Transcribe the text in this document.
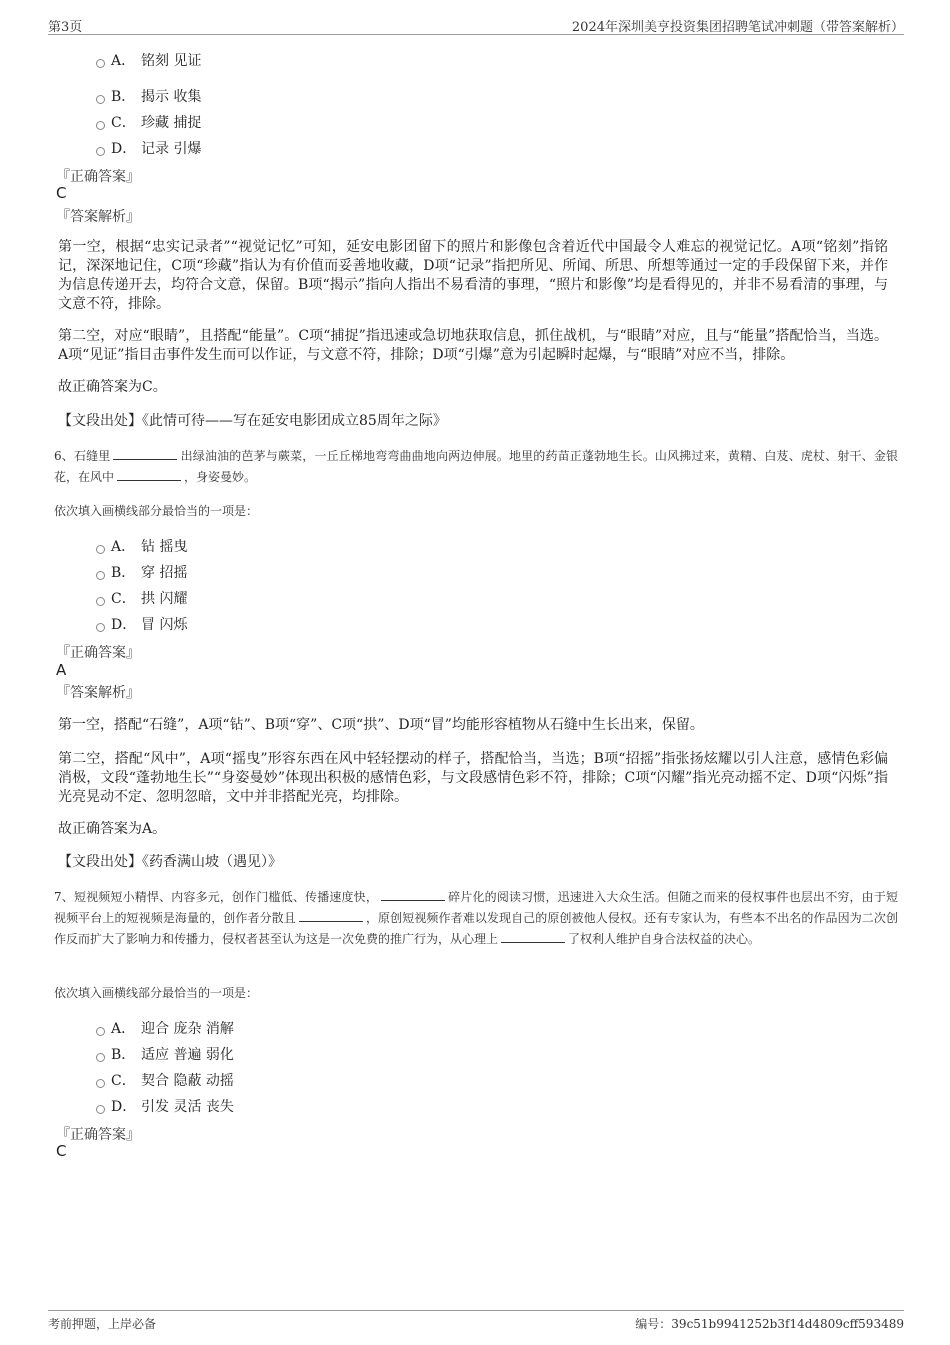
第3页	2024年深圳美亨投资集团招聘笔试冲刺题（带答案解析）
A． 铭刻 见证
B． 揭示 收集
C． 珍藏 捕捉
D． 记录 引爆
『正确答案』
C
『答案解析』
第一空，根据“忠实记录者”“视觉记忆”可知，延安电影团留下的照片和影像包含着近代中国最令人难忘的视觉记忆。A项“铭刻”指铭记，深深地记住，C项“珍藏”指认为有价值而妥善地收藏，D项“记录”指把所见、所闻、所思、所想等通过一定的手段保留下来，并作为信息传递开去，均符合文意，保留。B项“揭示”指向人指出不易看清的事理，“照片和影像”均是看得见的，并非不易看清的事理，与文意不符，排除。
第二空，对应“眼睛”，且搭配“能量”。C项“捕捉”指迅速或急切地获取信息，抓住战机，与“眼睛”对应，且与“能量”搭配恰当，当选。A项“见证”指目击事件发生而可以作证，与文意不符，排除；D项“引爆”意为引起瞬时起爆，与“眼睛”对应不当，排除。
故正确答案为C。
【文段出处】《此情可待——写在延安电影团成立85周年之际》
6、石缝里	出绿油油的芭茅与蕨菜，一丘丘梯地弯弯曲曲地向两边伸展。地里的药苗正蓬勃地生长。山风拂过来，黄精、白芨、虎杖、射干、金银花，在风中	，身姿曼妙。
依次填入画横线部分最恰当的一项是：
A． 钻 摇曳
B． 穿 招摇
C． 拱 闪耀
D． 冒 闪烁
『正确答案』
A
『答案解析』
第一空，搭配“石缝”，A项“钻”、B项“穿”、C项“拱”、D项“冒”均能形容植物从石缝中生长出来，保留。
第二空，搭配“风中”，A项“摇曳”形容东西在风中轻轻摆动的样子，搭配恰当，当选；B项“招摇”指张扬炫耀以引人注意，感情色彩偏消极，文段“蓬勃地生长”“身姿曼妙”体现出积极的感情色彩，与文段感情色彩不符，排除；C项“闪耀”指光亮动摇不定、D项“闪烁”指光亮晃动不定、忽明忽暗，文中并非搭配光亮，均排除。
故正确答案为A。
【文段出处】《药香满山坡（遇见）》
7、短视频短小精悍、内容多元，创作门槛低、传播速度快，	碎片化的阅读习惯，迅速进入大众生活。但随之而来的侵权事件也层出不穷，由于短视频平台上的短视频是海量的，创作者分散且	，原创短视频作者难以发现自己的原创被他人侵权。还有专家认为，有些本不出名的作品因为二次创作反而扩大了影响力和传播力，侵权者甚至认为这是一次免费的推广行为，从心理上	了权利人维护自身合法权益的决心。
依次填入画横线部分最恰当的一项是：
A． 迎合 庞杂 消解
B． 适应 普遍 弱化
C． 契合 隐蔽 动摇
D． 引发 灵活 丧失
『正确答案』
C
考前押题，上岸必备	编号：39c51b9941252b3f14d4809cff593489
